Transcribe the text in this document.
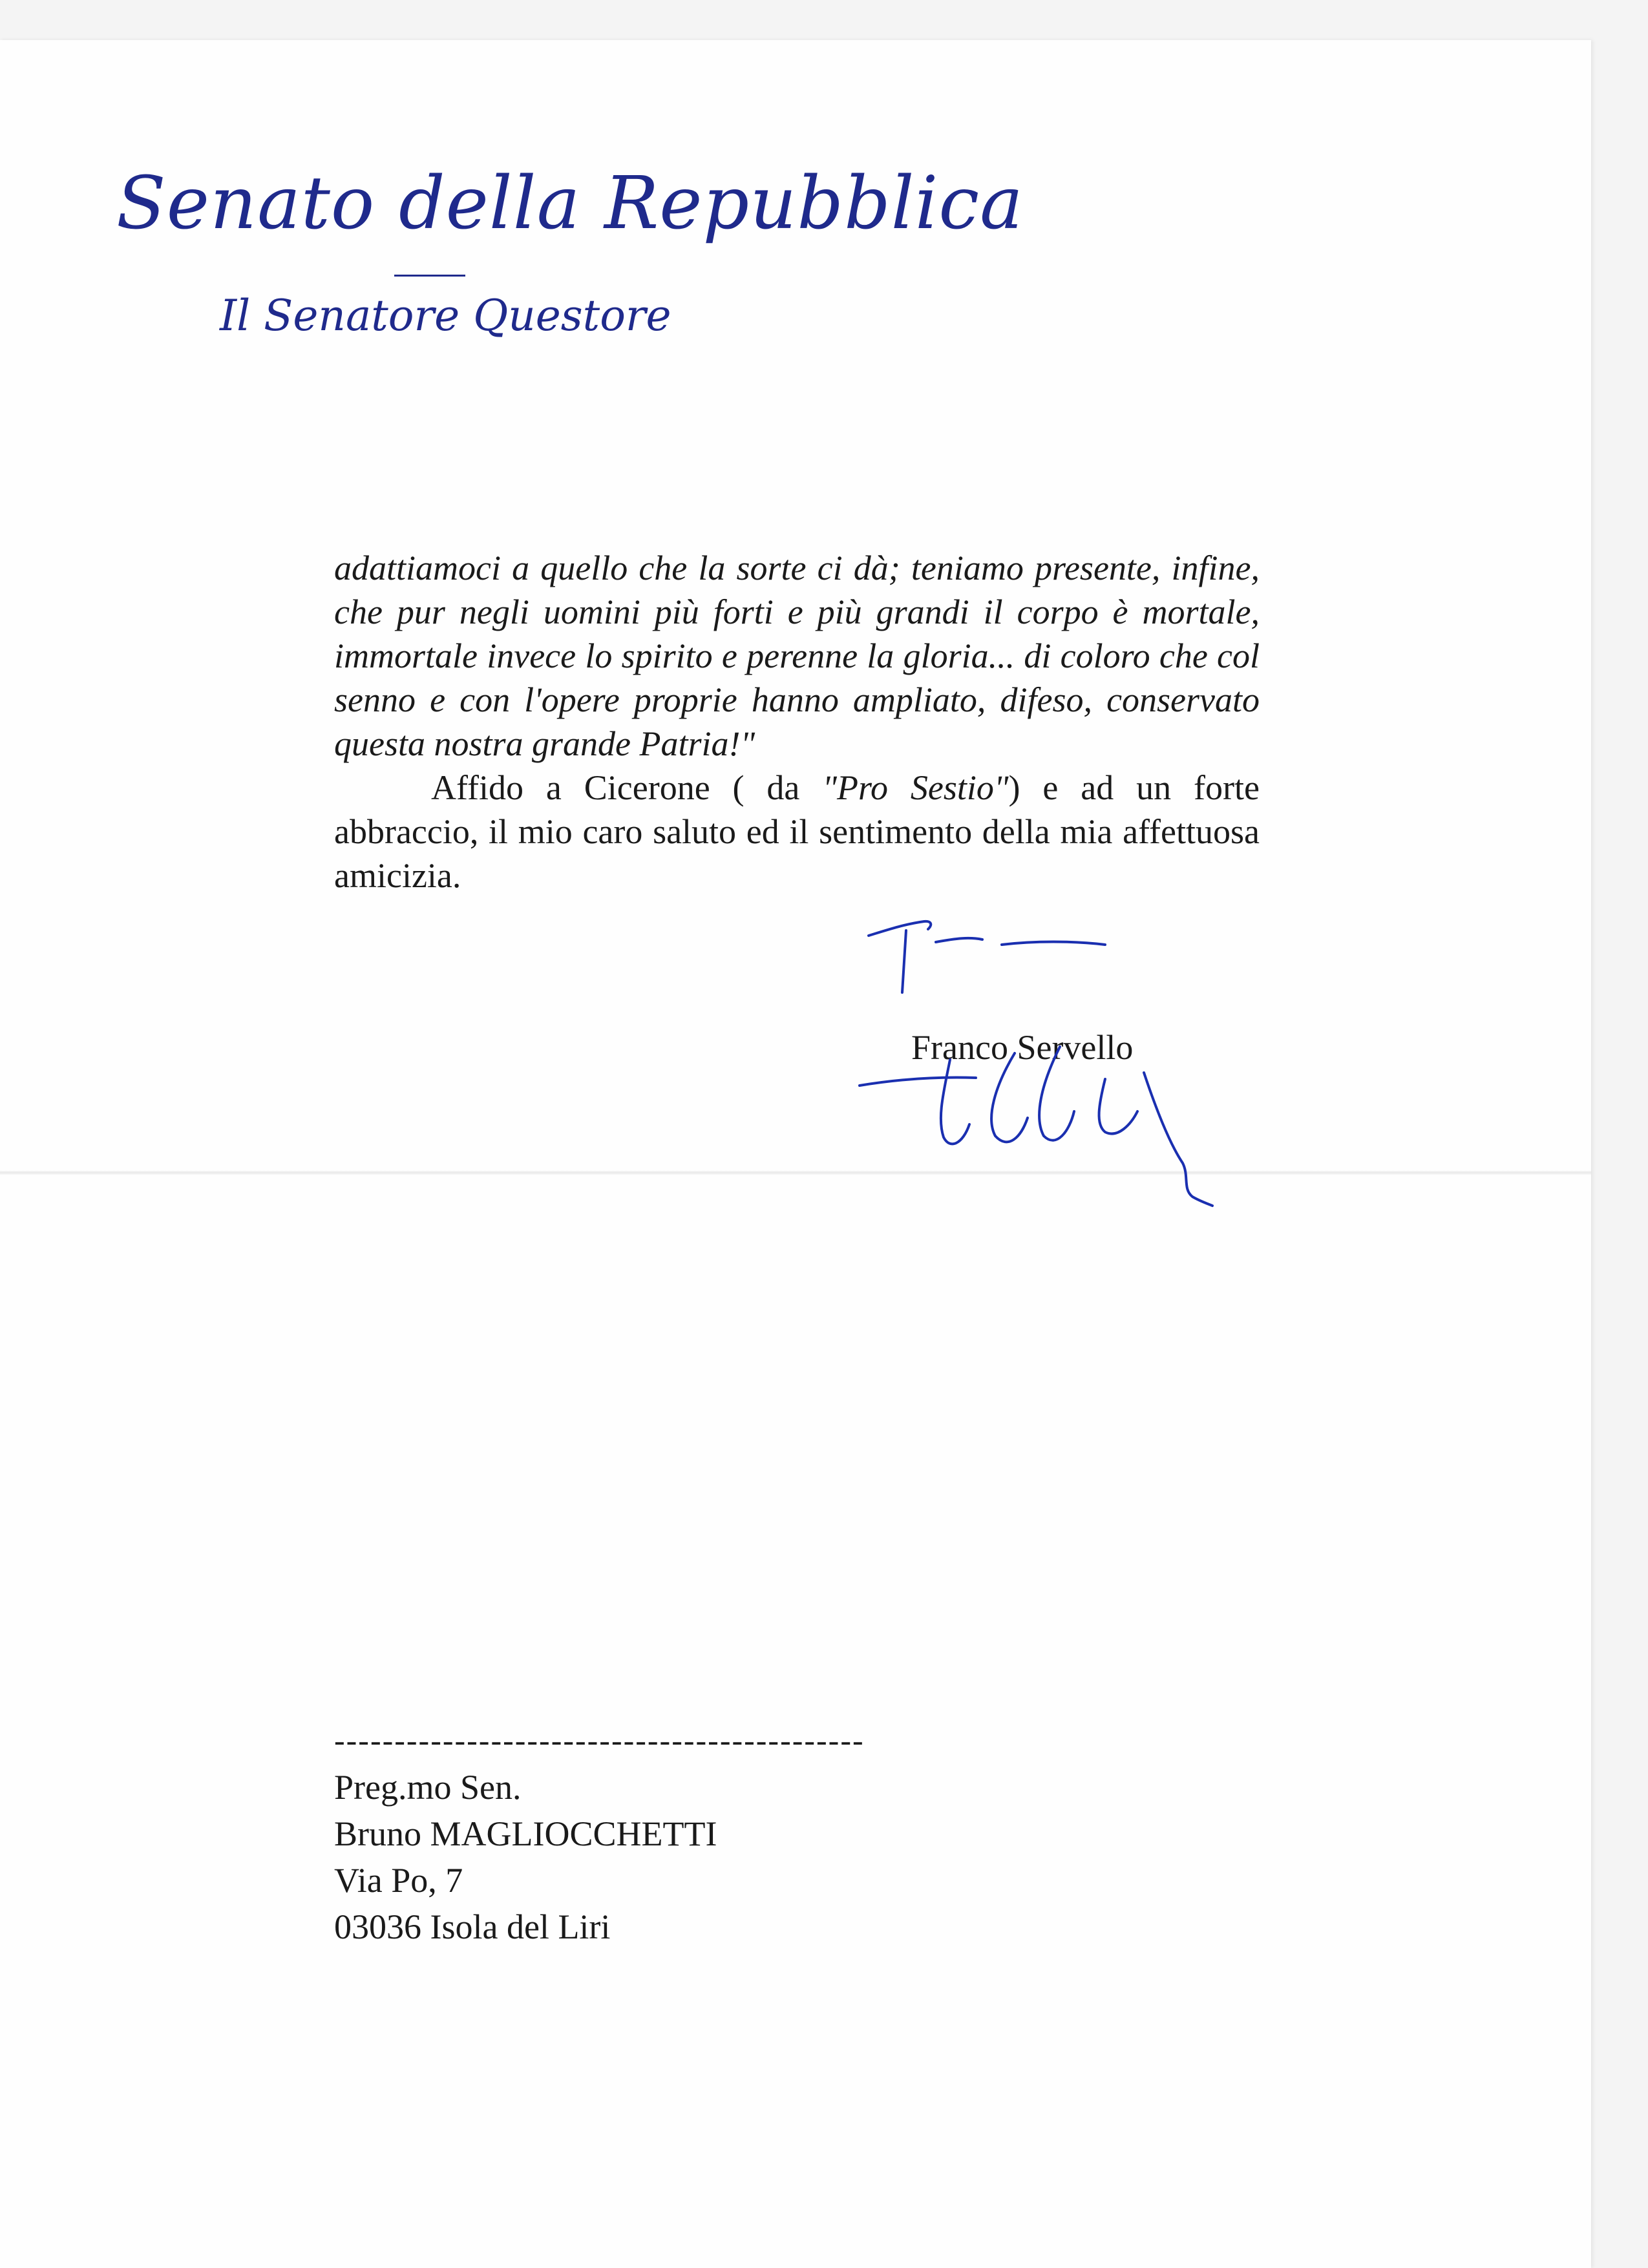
Senato della Repubblica
Il Senatore Questore

adattiamoci a quello che la sorte ci dà; teniamo presente, infine, che pur negli uomini più forti e più grandi il corpo è mortale, immortale invece lo spirito e perenne la gloria... di coloro che col senno e con l'opere proprie hanno ampliato, difeso, conservato questa nostra grande Patria!"

Affido a Cicerone ( da "Pro Sestio") e ad un forte abbraccio, il mio caro saluto ed il sentimento della mia affettuosa amicizia.

Franco Servello
--------------------------------------------
Preg.mo Sen.
Bruno MAGLIOCCHETTI
Via Po, 7
03036 Isola del Liri
